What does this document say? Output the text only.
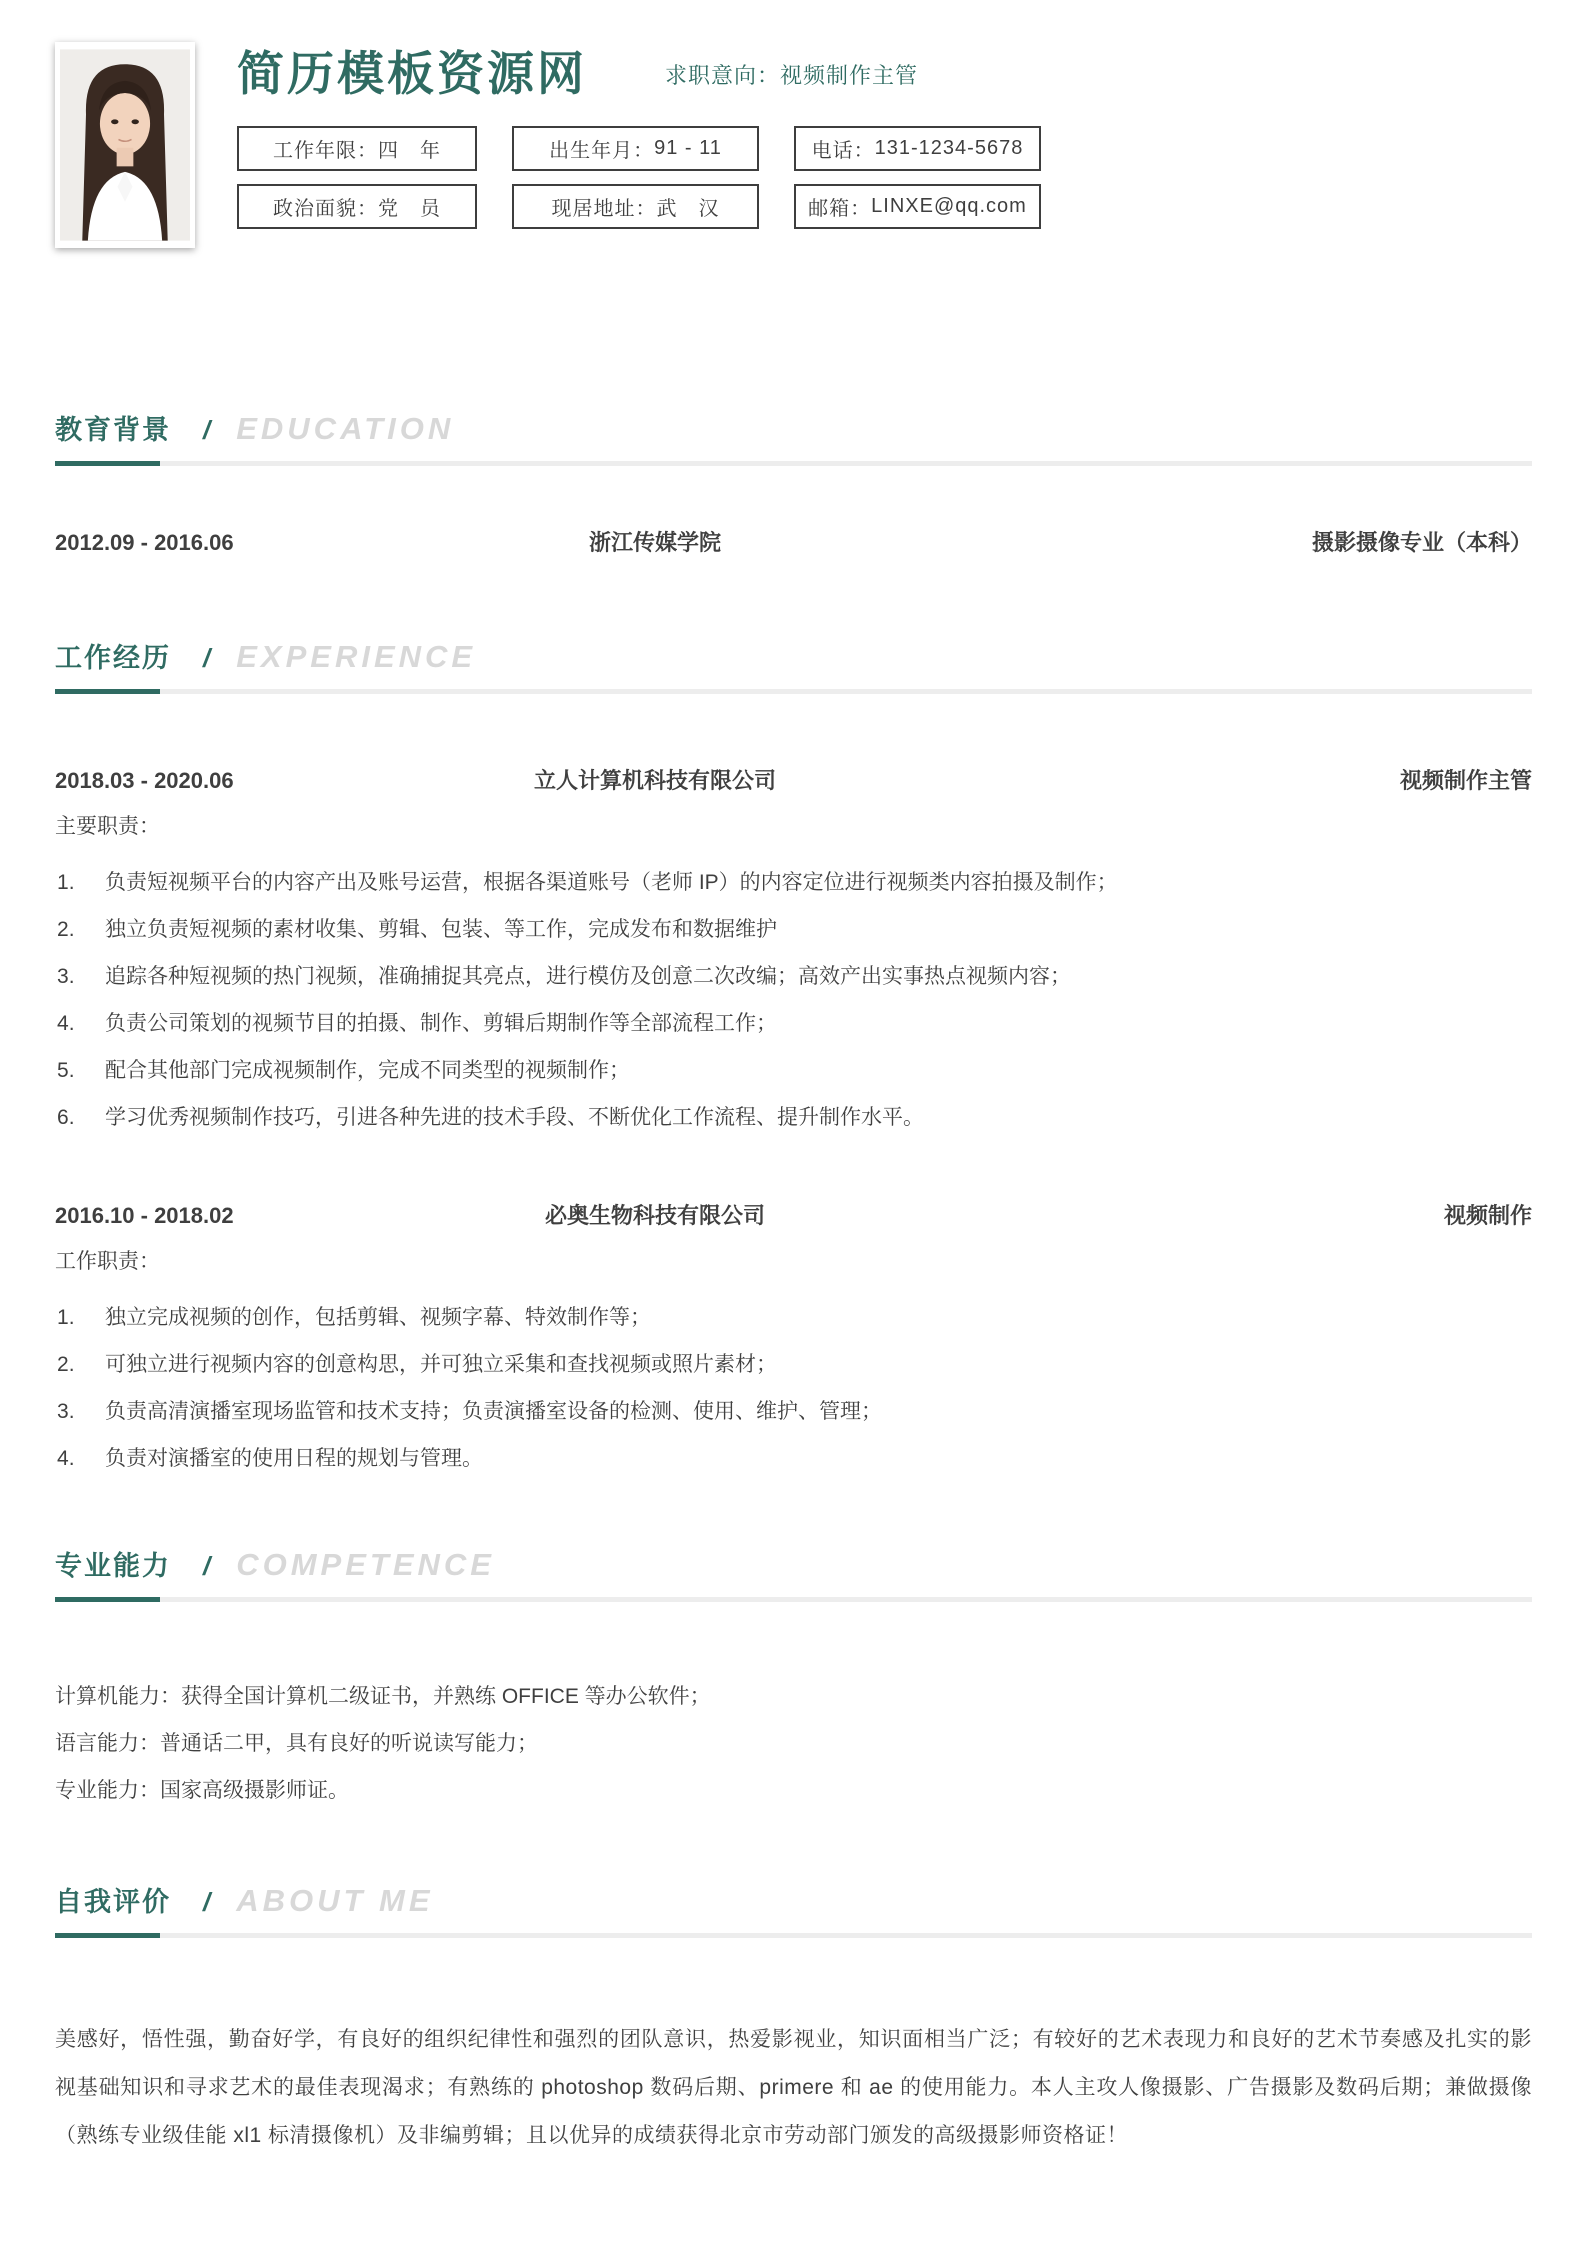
简历模板资源网	求职意向：视频制作主管
工作年限： 四　年	出生年月： 91 - 11	电话： 131-1234-5678
政治面貌： 党　员	现居地址： 武　汉	邮箱： LINXE@qq.com
教育背景 / EDUCATION
2012.09 - 2016.06	浙江传媒学院	摄影摄像专业（本科）
工作经历 / EXPERIENCE
2018.03 - 2020.06	立人计算机科技有限公司	视频制作主管

主要职责：

负责短视频平台的内容产出及账号运营，根据各渠道账号（老师 IP）的内容定位进行视频类内容拍摄及制作；
独立负责短视频的素材收集、剪辑、包装、等工作，完成发布和数据维护
追踪各种短视频的热门视频，准确捕捉其亮点，进行模仿及创意二次改编；高效产出实事热点视频内容；
负责公司策划的视频节目的拍摄、制作、剪辑后期制作等全部流程工作；
配合其他部门完成视频制作，完成不同类型的视频制作；
学习优秀视频制作技巧，引进各种先进的技术手段、不断优化工作流程、提升制作水平。
2016.10 - 2018.02	必奥生物科技有限公司	视频制作

工作职责：

独立完成视频的创作，包括剪辑、视频字幕、特效制作等；
可独立进行视频内容的创意构思，并可独立采集和查找视频或照片素材；
负责高清演播室现场监管和技术支持；负责演播室设备的检测、使用、维护、管理；
负责对演播室的使用日程的规划与管理。
专业能力 / COMPETENCE

计算机能力：获得全国计算机二级证书，并熟练 OFFICE 等办公软件；

语言能力：普通话二甲，具有良好的听说读写能力；

专业能力：国家高级摄影师证。

自我评价 / ABOUT ME

美感好，悟性强，勤奋好学，有良好的组织纪律性和强烈的团队意识，热爱影视业，知识面相当广泛；有较好的艺术表现力和良好的艺术节奏感及扎实的影视基础知识和寻求艺术的最佳表现渴求；有熟练的 photoshop 数码后期、primere 和 ae 的使用能力。本人主攻人像摄影、广告摄影及数码后期；兼做摄像（熟练专业级佳能 xl1 标清摄像机）及非编剪辑；且以优异的成绩获得北京市劳动部门颁发的高级摄影师资格证！
